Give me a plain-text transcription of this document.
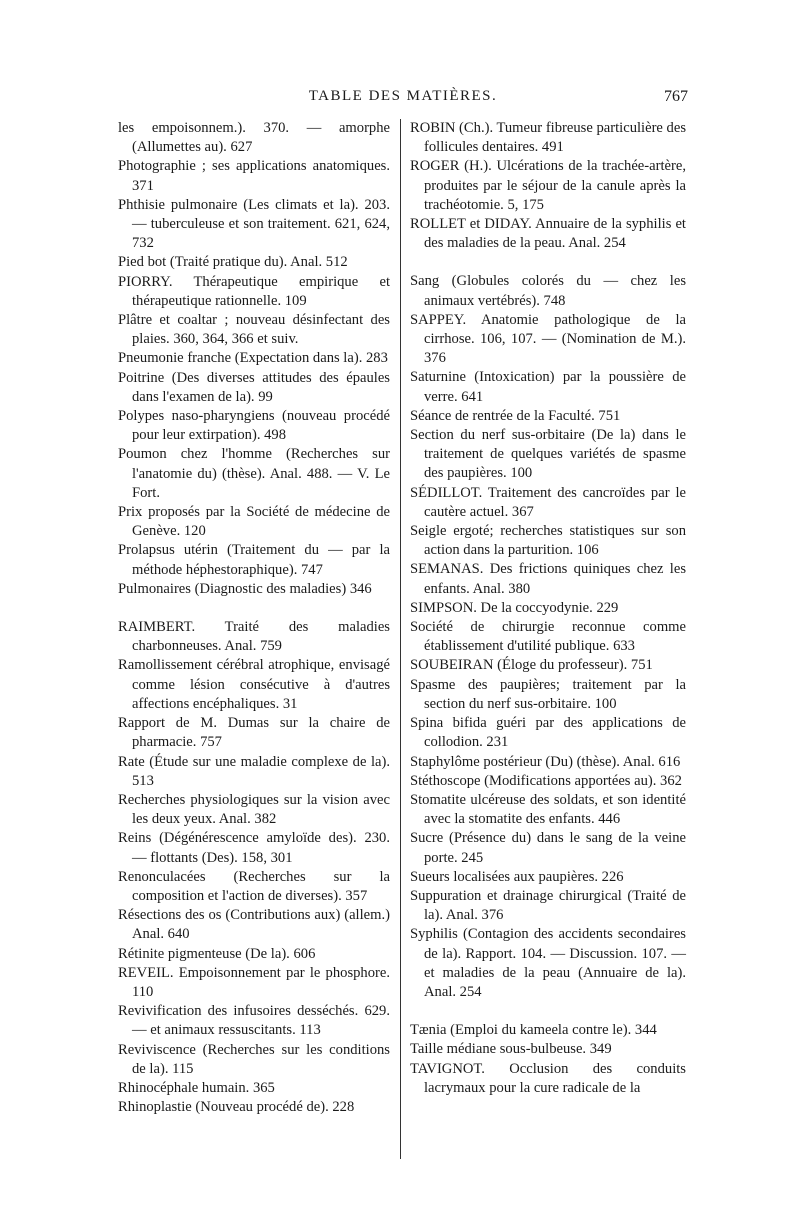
TABLE DES MATIÈRES.	767
les empoisonnem.). 370. — amorphe (Allumettes au). 627
Photographie ; ses applications anatomiques. 371
Phthisie pulmonaire (Les climats et la). 203. — tuberculeuse et son traitement. 621, 624, 732
Pied bot (Traité pratique du). Anal. 512
PIORRY. Thérapeutique empirique et thérapeutique rationnelle. 109
Plâtre et coaltar ; nouveau désinfectant des plaies. 360, 364, 366 et suiv.
Pneumonie franche (Expectation dans la). 283
Poitrine (Des diverses attitudes des épaules dans l'examen de la). 99
Polypes naso-pharyngiens (nouveau procédé pour leur extirpation). 498
Poumon chez l'homme (Recherches sur l'anatomie du) (thèse). Anal. 488. — V. Le Fort.
Prix proposés par la Société de médecine de Genève. 120
Prolapsus utérin (Traitement du — par la méthode héphestoraphique). 747
Pulmonaires (Diagnostic des maladies) 346
RAIMBERT. Traité des maladies charbonneuses. Anal. 759
Ramollissement cérébral atrophique, envisagé comme lésion consécutive à d'autres affections encéphaliques. 31
Rapport de M. Dumas sur la chaire de pharmacie. 757
Rate (Étude sur une maladie complexe de la). 513
Recherches physiologiques sur la vision avec les deux yeux. Anal. 382
Reins (Dégénérescence amyloïde des). 230. — flottants (Des). 158, 301
Renonculacées (Recherches sur la composition et l'action de diverses). 357
Résections des os (Contributions aux) (allem.) Anal. 640
Rétinite pigmenteuse (De la). 606
REVEIL. Empoisonnement par le phosphore. 110
Revivification des infusoires desséchés. 629. — et animaux ressuscitants. 113
Reviviscence (Recherches sur les conditions de la). 115
Rhinocéphale humain. 365
Rhinoplastie (Nouveau procédé de). 228
ROBIN (Ch.). Tumeur fibreuse particulière des follicules dentaires. 491
ROGER (H.). Ulcérations de la trachée-artère, produites par le séjour de la canule après la trachéotomie. 5, 175
ROLLET et DIDAY. Annuaire de la syphilis et des maladies de la peau. Anal. 254
Sang (Globules colorés du — chez les animaux vertébrés). 748
SAPPEY. Anatomie pathologique de la cirrhose. 106, 107. — (Nomination de M.). 376
Saturnine (Intoxication) par la poussière de verre. 641
Séance de rentrée de la Faculté. 751
Section du nerf sus-orbitaire (De la) dans le traitement de quelques variétés de spasme des paupières. 100
SÉDILLOT. Traitement des cancroïdes par le cautère actuel. 367
Seigle ergoté; recherches statistiques sur son action dans la parturition. 106
SEMANAS. Des frictions quiniques chez les enfants. Anal. 380
SIMPSON. De la coccyodynie. 229
Société de chirurgie reconnue comme établissement d'utilité publique. 633
SOUBEIRAN (Éloge du professeur). 751
Spasme des paupières; traitement par la section du nerf sus-orbitaire. 100
Spina bifida guéri par des applications de collodion. 231
Staphylôme postérieur (Du) (thèse). Anal. 616
Stéthoscope (Modifications apportées au). 362
Stomatite ulcéreuse des soldats, et son identité avec la stomatite des enfants. 446
Sucre (Présence du) dans le sang de la veine porte. 245
Sueurs localisées aux paupières. 226
Suppuration et drainage chirurgical (Traité de la). Anal. 376
Syphilis (Contagion des accidents secondaires de la). Rapport. 104. — Discussion. 107. — et maladies de la peau (Annuaire de la). Anal. 254
Tænia (Emploi du kameela contre le). 344
Taille médiane sous-bulbeuse. 349
TAVIGNOT. Occlusion des conduits lacrymaux pour la cure radicale de la
